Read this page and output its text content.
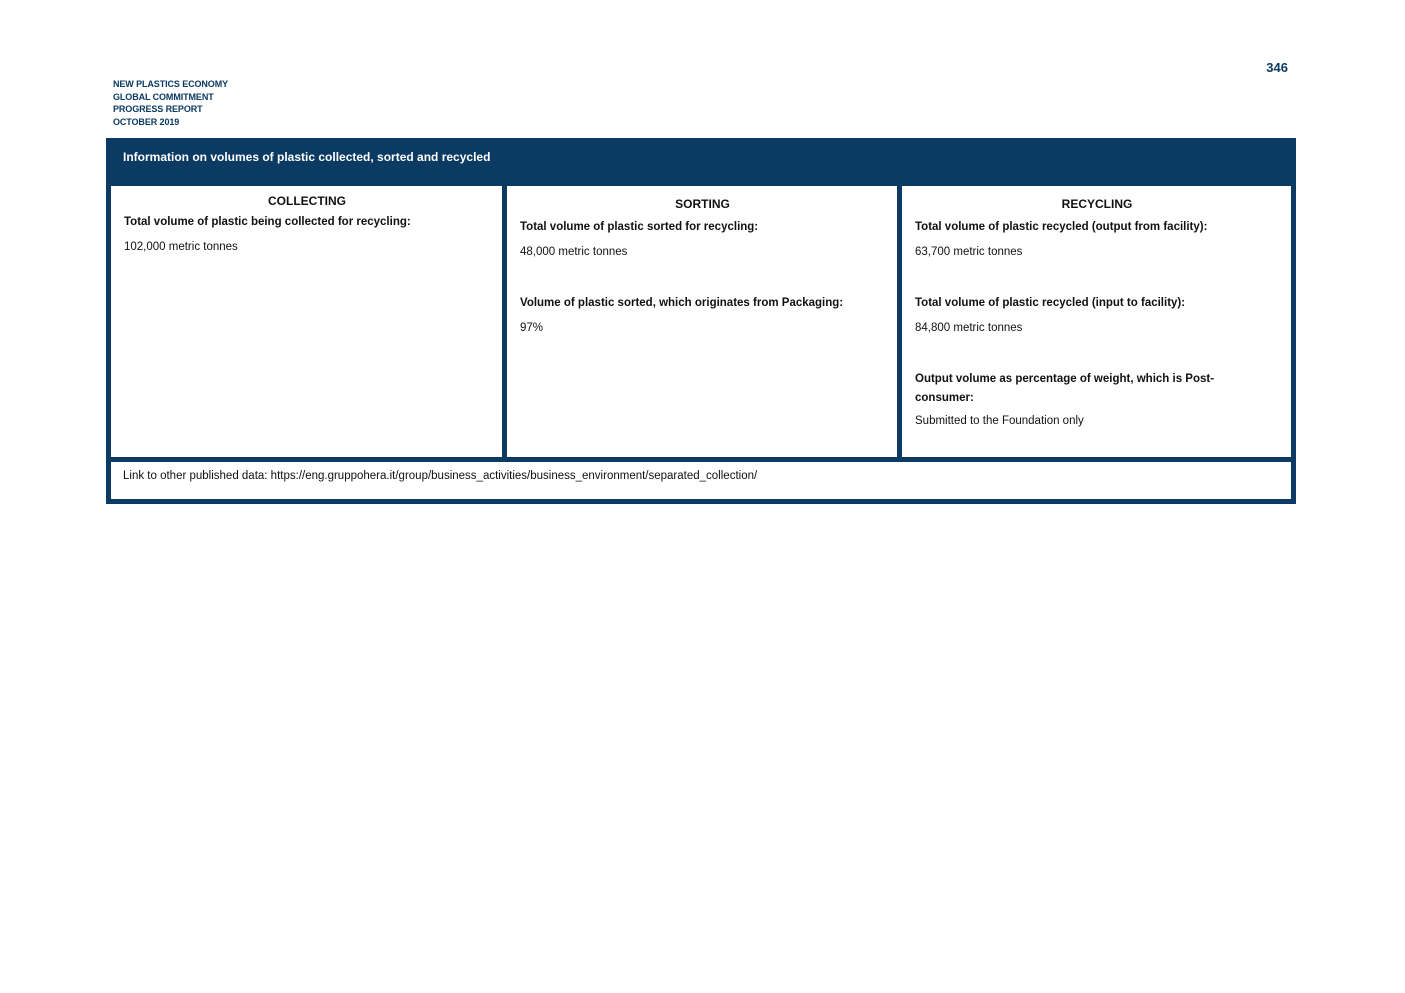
346
NEW PLASTICS ECONOMY
GLOBAL COMMITMENT
PROGRESS REPORT
OCTOBER 2019
Information on volumes of plastic collected, sorted and recycled
COLLECTING
Total volume of plastic being collected for recycling:
102,000 metric tonnes
SORTING
Total volume of plastic sorted for recycling:
48,000 metric tonnes
Volume of plastic sorted, which originates from Packaging:
97%
RECYCLING
Total volume of plastic recycled (output from facility):
63,700 metric tonnes
Total volume of plastic recycled (input to facility):
84,800 metric tonnes
Output volume as percentage of weight, which is Post-consumer:
Submitted to the Foundation only
Link to other published data: https://eng.gruppohera.it/group/business_activities/business_environment/separated_collection/
